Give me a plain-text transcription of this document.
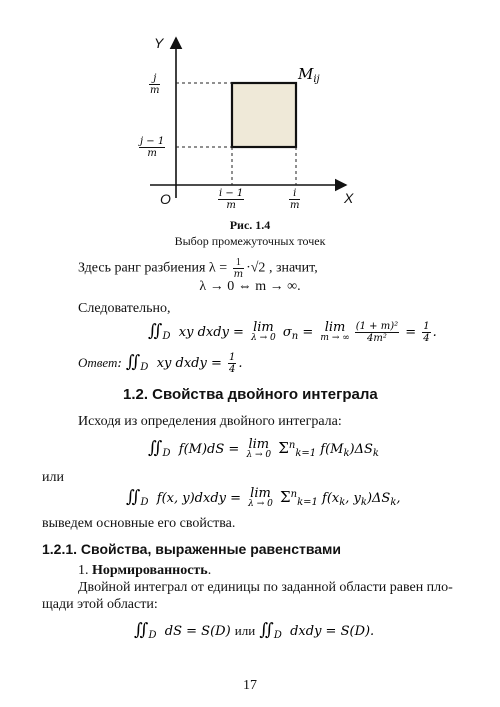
Y
X
O
$M_{ij}$
$\frac{j}{m}$
$\frac{j - 1}{m}$
$\frac{i - 1}{m}$	$\frac{i}{m}$
Рис. 1.4
Выбор промежуточных точек
Здесь ранг разбиения $\lambda = \frac{1}{m} \cdot√2$ , значит,
λ → 0 ⇔ m → ∞.
Следовательно,
$∬_D$  xy dxdy = lim
λ → 0 $\sigma_n = \lim$
m → ∞ $\frac{\text{(1 + m)²}}{\text{4m²}} = \frac{1}{4}$ .
Ответ: $∬_D$  xy dxdy = $\frac{1}{4}$ .
1.2. Свойства двойного интеграла
Исходя из определения двойного интеграла:
$∬_D$  f(M)dS = lim
λ → 0 $\Sigma^n_{k=1}$ $f(M_k)\Delta S_k$
или
$∬_D$  f(x, y)dxdy = lim
λ → 0 $\Sigma^n_{k=1}$ $f(x_k$, $y_k)\Delta S_k$,
выведем основные его свойства.
1.2.1. Свойства, выраженные равенствами
1. Нормированность.
Двойной интеграл от единицы по заданной области равен пло-
щади этой области:
$∬_D$  dS = S(D) или $∬_D$  dxdy = S(D).
17
